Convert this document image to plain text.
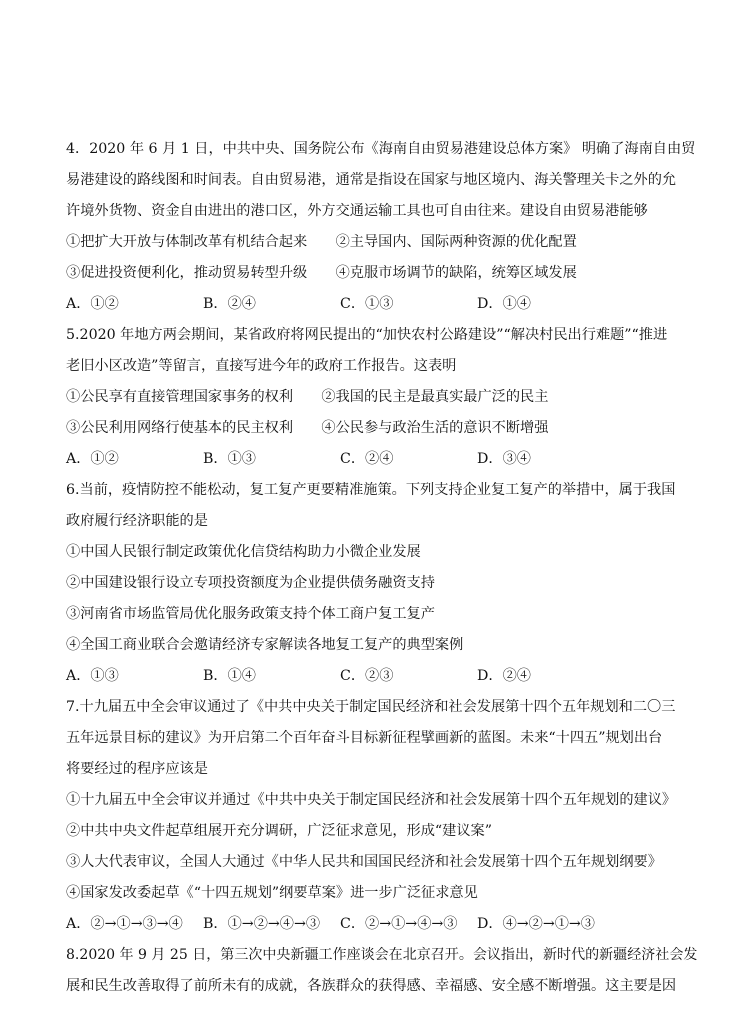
4．2020 年 6 月 1 日，中共中央、国务院公布《海南自由贸易港建设总体方案》 明确了海南自由贸
易港建设的路线图和时间表。自由贸易港，通常是指设在国家与地区境内、海关警理关卡之外的允
许境外货物、资金自由进出的港口区，外方交通运输工具也可自由往来。建设自由贸易港能够
①把扩大开放与体制改革有机结合起来　　②主导国内、国际两种资源的优化配置
③促进投资便利化，推动贸易转型升级　　④克服市场调节的缺陷，统筹区域发展
A．①②	B．②④	C．①③	D．①④
5.2020 年地方两会期间，某省政府将网民提出的“加快农村公路建设”“解决村民出行难题”“推进
老旧小区改造”等留言，直接写进今年的政府工作报告。这表明
①公民享有直接管理国家事务的权利　　②我国的民主是最真实最广泛的民主
③公民利用网络行使基本的民主权利　　④公民参与政治生活的意识不断增强
A．①②	B．①③	C．②④	D．③④
6.当前，疫情防控不能松动，复工复产更要精准施策。下列支持企业复工复产的举措中，属于我国
政府履行经济职能的是
①中国人民银行制定政策优化信贷结构助力小微企业发展
②中国建设银行设立专项投资额度为企业提供债务融资支持
③河南省市场监管局优化服务政策支持个体工商户复工复产
④全国工商业联合会邀请经济专家解读各地复工复产的典型案例
A．①③	B．①④	C．②③	D．②④
7.十九届五中全会审议通过了《中共中央关于制定国民经济和社会发展第十四个五年规划和二〇三
五年远景目标的建议》为开启第二个百年奋斗目标新征程擘画新的蓝图。未来“十四五”规划出台
将要经过的程序应该是
①十九届五中全会审议并通过《中共中央关于制定国民经济和社会发展第十四个五年规划的建议》
②中共中央文件起草组展开充分调研，广泛征求意见，形成“建议案”
③人大代表审议，全国人大通过《中华人民共和国国民经济和社会发展第十四个五年规划纲要》
④国家发改委起草《“十四五规划”纲要草案》进一步广泛征求意见
A．②→①→③→④ B．①→②→④→③ C．②→①→④→③ D．④→②→①→③
8.2020 年 9 月 25 日，第三次中央新疆工作座谈会在北京召开。会议指出，新时代的新疆经济社会发
展和民生改善取得了前所未有的成就，各族群众的获得感、幸福感、安全感不断增强。这主要是因
